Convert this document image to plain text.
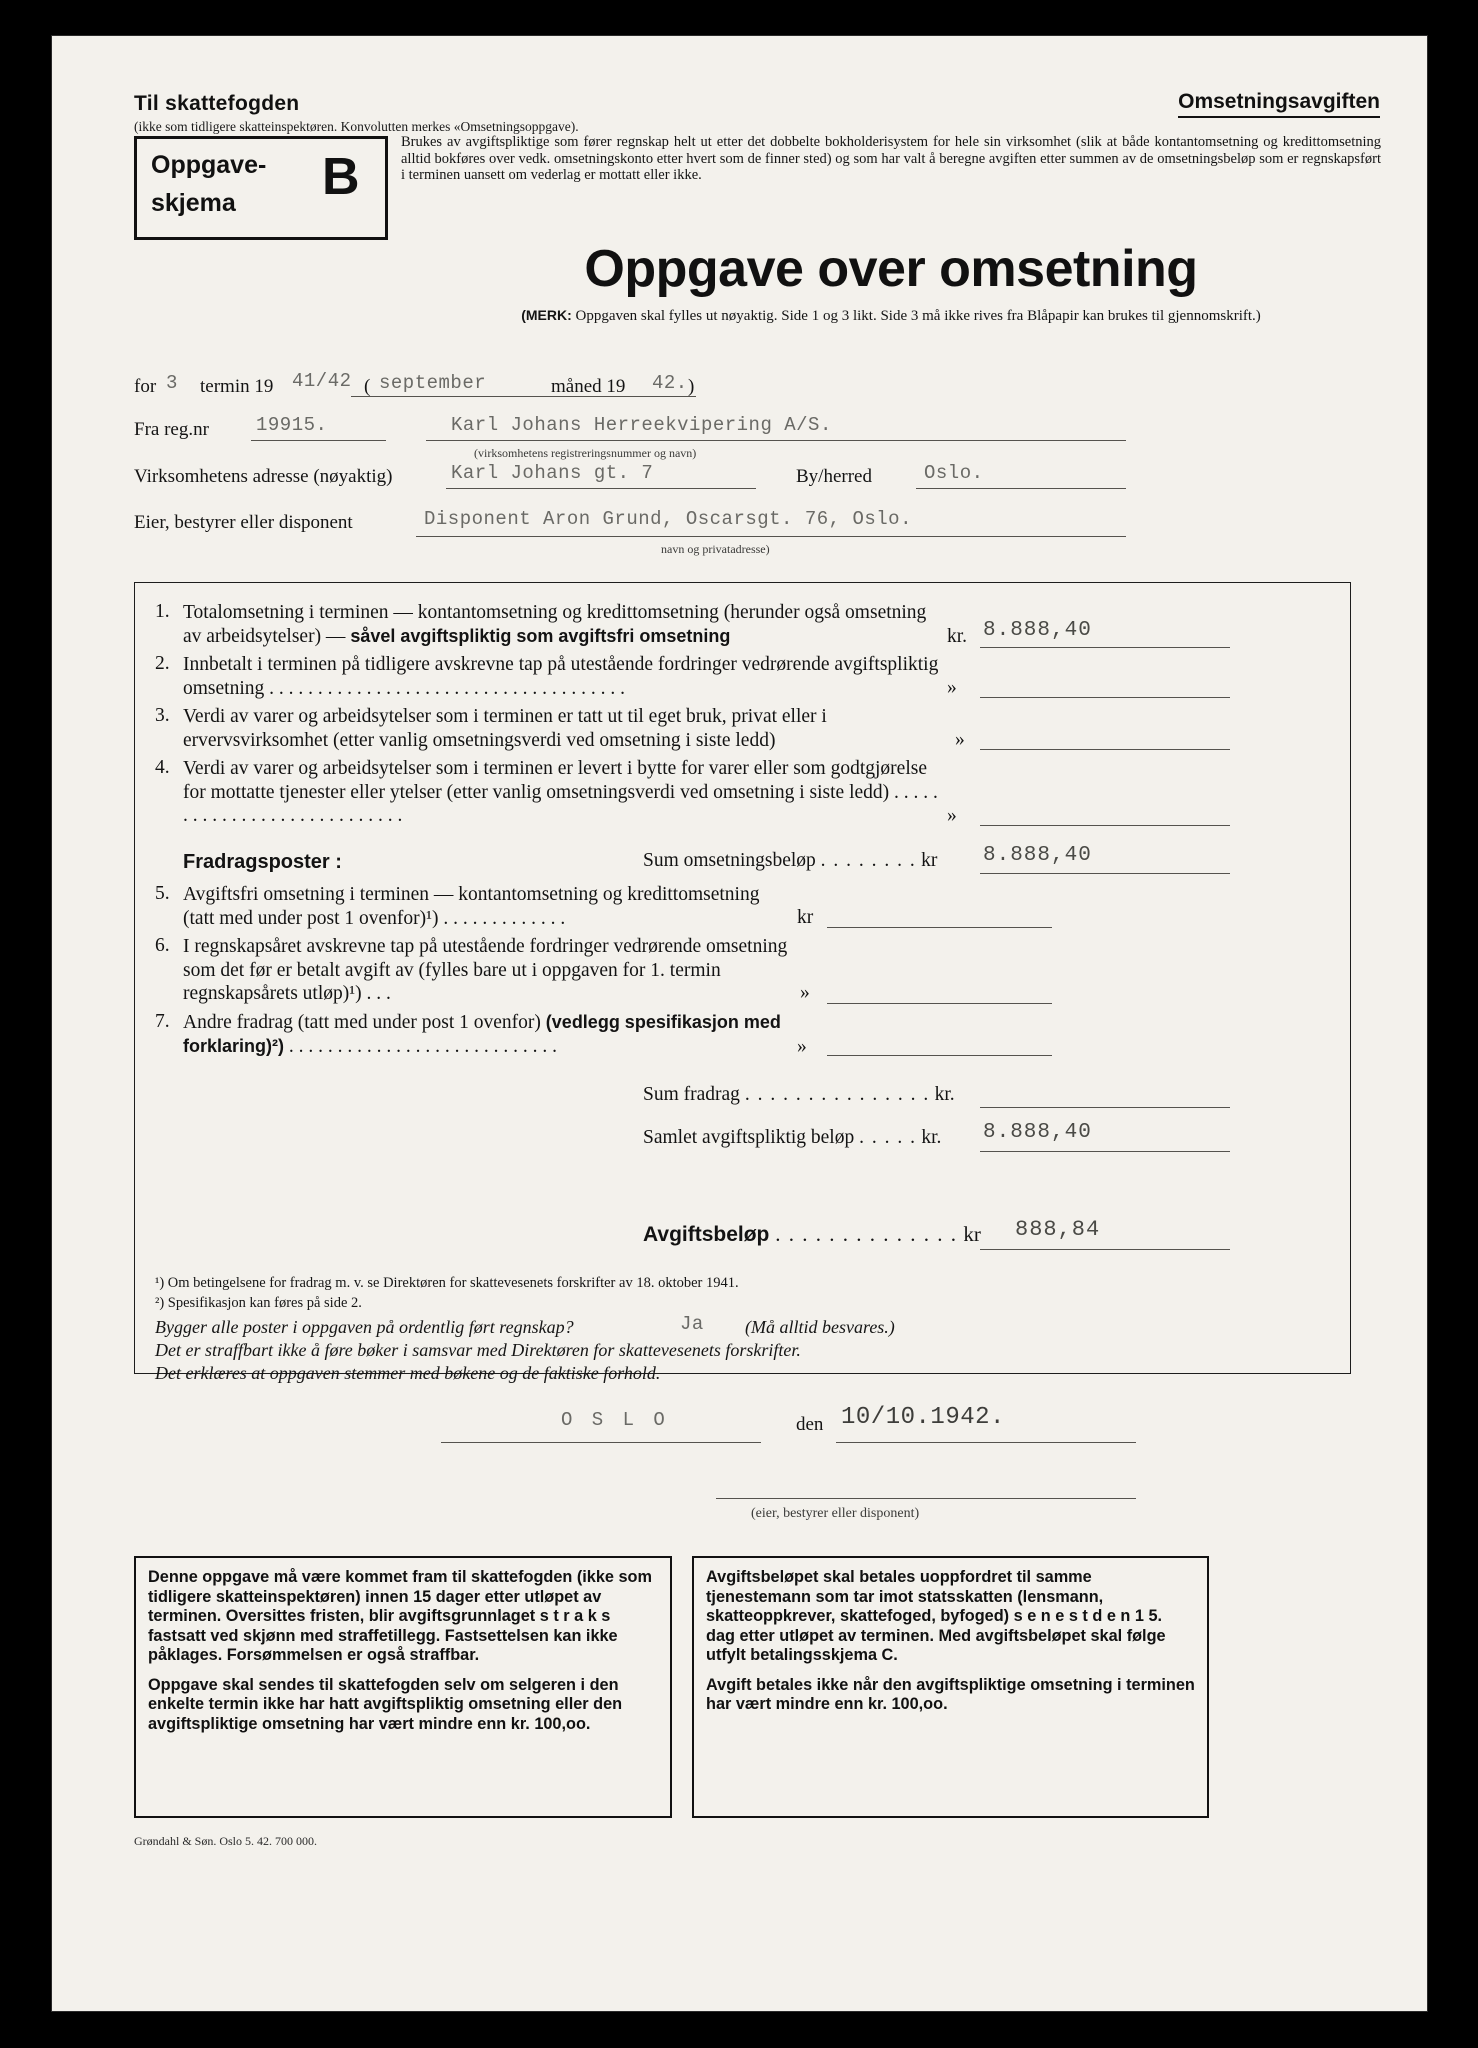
Til skattefogden
(ikke som tidligere skatteinspektøren. Konvolutten merkes «Omsetningsoppgave).
Omsetningsavgiften
Oppgave-
skjema B
Brukes av avgiftspliktige som fører regnskap helt ut etter det dobbelte bokholderisystem for hele sin virksomhet (slik at både kontantomsetning og kredittomsetning alltid bokføres over vedk. omsetningskonto etter hvert som de finner sted) og som har valt å beregne avgiften etter summen av de omsetningsbeløp som er regnskapsført i terminen uansett om vederlag er mottatt eller ikke.
Oppgave over omsetning
(MERK: Oppgaven skal fylles ut nøyaktig. Side 1 og 3 likt. Side 3 må ikke rives fra Blåpapir kan brukes til gjennomskrift.)
for 3 termin 19 41/42 ( september	måned 19 42. )
Fra reg.nr 19915.	Karl Johans Herreekvipering A/S.
(virksomhetens registreringsnummer og navn)
Virksomhetens adresse (nøyaktig)	Karl Johans gt. 7	By/herred	Oslo.
Eier, bestyrer eller disponent	Disponent Aron Grund, Oscarsgt. 76, Oslo.
navn og privatadresse)
1. Totalomsetning i terminen — kontantomsetning og kredittomsetning (herunder også omsetning av arbeidsytelser) — såvel avgiftspliktig som avgiftsfri omsetning	kr. 8.888,40
2. Innbetalt i terminen på tidligere avskrevne tap på utestående fordringer vedrørende avgiftspliktig omsetning . . . . . . . . . . . . . . . . . . . . . . . . . . . . . . . . . . . . .	»
3. Verdi av varer og arbeidsytelser som i terminen er tatt ut til eget bruk, privat eller i ervervsvirksomhet (etter vanlig omsetningsverdi ved omsetning i siste ledd)	»
4. Verdi av varer og arbeidsytelser som i terminen er levert i bytte for varer eller som godtgjørelse for mottatte tjenester eller ytelser (etter vanlig omsetningsverdi ved omsetning i siste ledd) . . . . . . . . . . . . . . . . . . . . . . . . . . . .	»
Fradragsposter :	Sum omsetningsbeløp . . . . . . . . kr 8.888,40
5. Avgiftsfri omsetning i terminen — kontantomsetning og kredittomsetning (tatt med under post 1 ovenfor)¹) . . . . . . . . . . . . .	kr
6. I regnskapsåret avskrevne tap på utestående fordringer vedrørende omsetning som det før er betalt avgift av (fylles bare ut i oppgaven for 1. termin regnskapsårets utløp)¹) . . .	»
7. Andre fradrag (tatt med under post 1 ovenfor) (vedlegg spesifikasjon med forklaring)²) . . . . . . . . . . . . . . . . . . . . . . . . . . . .	»
Sum fradrag . . . . . . . . . . . . . . . kr.
Samlet avgiftspliktig beløp . . . . . kr. 8.888,40
Avgiftsbeløp . . . . . . . . . . . . . . kr 888,84
¹) Om betingelsene for fradrag m. v. se Direktøren for skattevesenets forskrifter av 18. oktober 1941.
²) Spesifikasjon kan føres på side 2.
Bygger alle poster i oppgaven på ordentlig ført regnskap?	Ja (Må alltid besvares.)
Det er straffbart ikke å føre bøker i samsvar med Direktøren for skattevesenets forskrifter.
Det erklæres at oppgaven stemmer med bøkene og de faktiske forhold.
O S L O	den 10/10.1942.
(eier, bestyrer eller disponent)

Denne oppgave må være kommet fram til skattefogden (ikke som tidligere skatteinspektøren) innen 15 dager etter utløpet av terminen. Oversittes fristen, blir avgiftsgrunnlaget s t r a k s fastsatt ved skjønn med straffetillegg. Fastsettelsen kan ikke påklages. Forsømmelsen er også straffbar.

Oppgave skal sendes til skattefogden selv om selgeren i den enkelte termin ikke har hatt avgiftspliktig omsetning eller den avgiftspliktige omsetning har vært mindre enn kr. 100,oo.

Avgiftsbeløpet skal betales uoppfordret til samme tjenestemann som tar imot statsskatten (lensmann, skatteoppkrever, skattefoged, byfoged) s e n e s t d e n 1 5. dag etter utløpet av terminen. Med avgiftsbeløpet skal følge utfylt betalingsskjema C.

Avgift betales ikke når den avgiftspliktige omsetning i terminen har vært mindre enn kr. 100,oo.

Grøndahl & Søn. Oslo 5. 42. 700 000.
